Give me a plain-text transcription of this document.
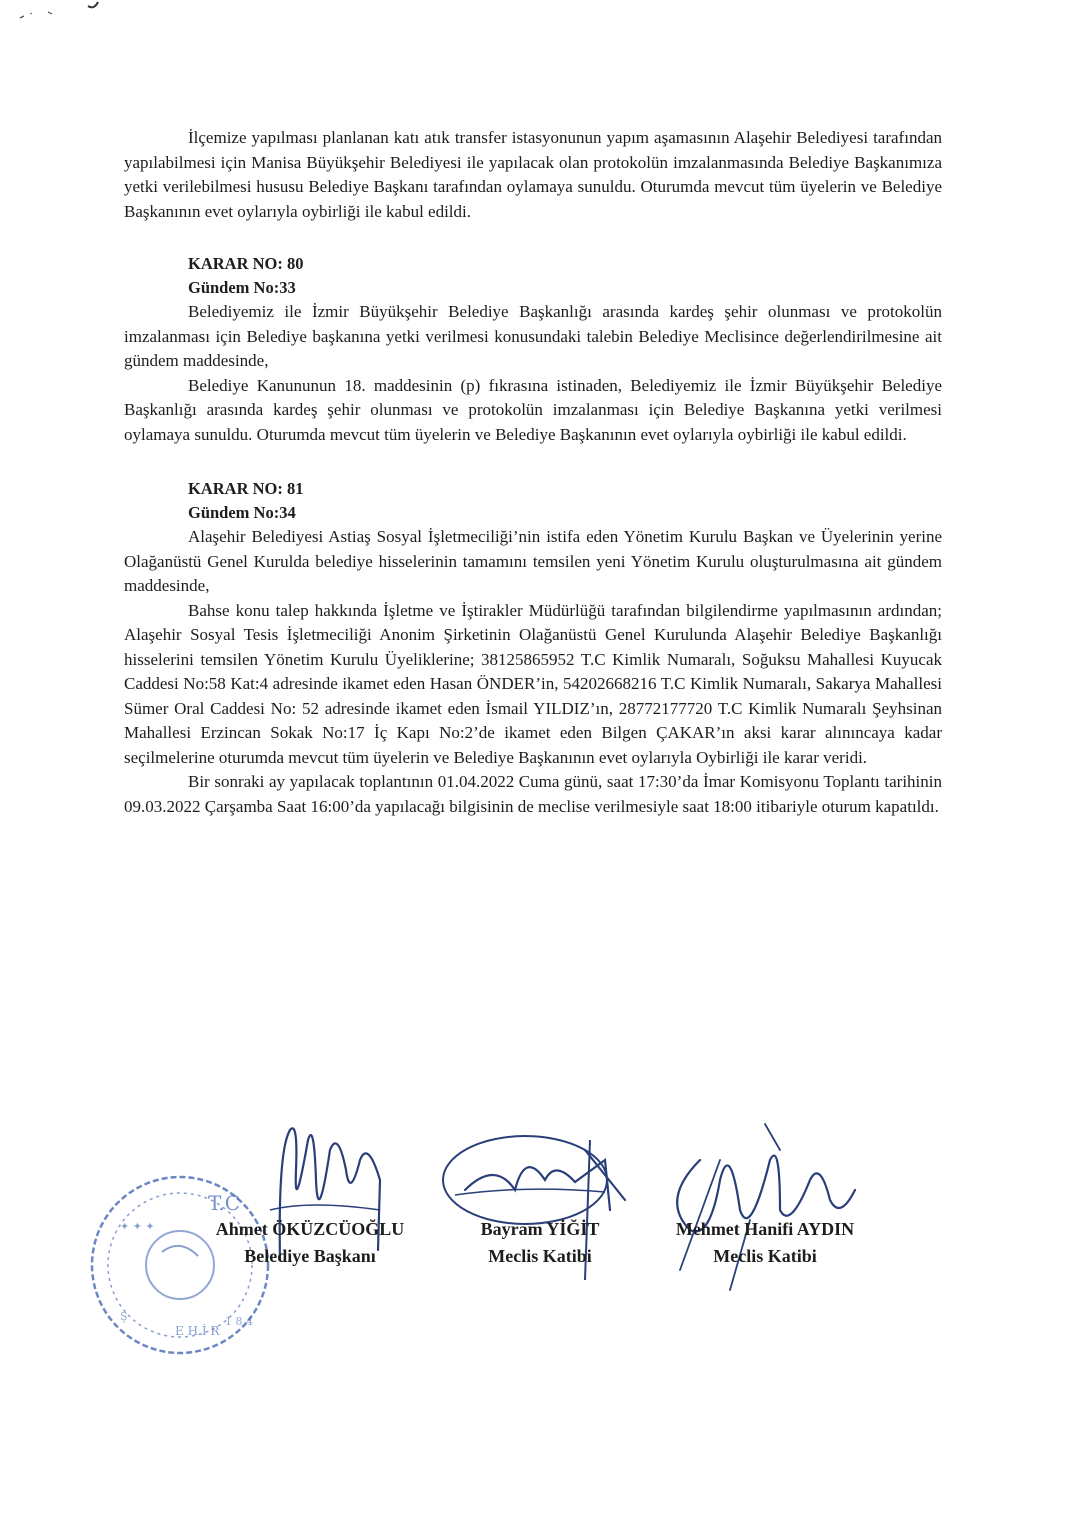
İlçemize yapılması planlanan katı atık transfer istasyonunun yapım aşamasının Alaşehir Belediyesi tarafından yapılabilmesi için Manisa Büyükşehir Belediyesi ile yapılacak olan protokolün imzalanmasında Belediye Başkanımıza yetki verilebilmesi hususu Belediye Başkanı tarafından oylamaya sunuldu. Oturumda mevcut tüm üyelerin ve Belediye Başkanının evet oylarıyla oybirliği ile kabul edildi.

KARAR NO: 80
Gündem No:33

Belediyemiz ile İzmir Büyükşehir Belediye Başkanlığı arasında kardeş şehir olunması ve protokolün imzalanması için Belediye başkanına yetki verilmesi konusundaki talebin Belediye Meclisince değerlendirilmesine ait gündem maddesinde,

Belediye Kanununun 18. maddesinin (p) fıkrasına istinaden, Belediyemiz ile İzmir Büyükşehir Belediye Başkanlığı arasında kardeş şehir olunması ve protokolün imzalanması için Belediye Başkanına yetki verilmesi oylamaya sunuldu. Oturumda mevcut tüm üyelerin ve Belediye Başkanının evet oylarıyla oybirliği ile kabul edildi.

KARAR NO: 81
Gündem No:34

Alaşehir Belediyesi Astiaş Sosyal İşletmeciliği’nin istifa eden Yönetim Kurulu Başkan ve Üyelerinin yerine Olağanüstü Genel Kurulda belediye hisselerinin tamamını temsilen yeni Yönetim Kurulu oluşturulmasına ait gündem maddesinde,

Bahse konu talep hakkında İşletme ve İştirakler Müdürlüğü tarafından bilgilendirme yapılmasının ardından; Alaşehir Sosyal Tesis İşletmeciliği Anonim Şirketinin Olağanüstü Genel Kurulunda Alaşehir Belediye Başkanlığı hisselerini temsilen Yönetim Kurulu Üyeliklerine; 38125865952 T.C Kimlik Numaralı, Soğuksu Mahallesi Kuyucak Caddesi No:58 Kat:4 adresinde ikamet eden Hasan ÖNDER’in, 54202668216 T.C Kimlik Numaralı, Sakarya Mahallesi Sümer Oral Caddesi No: 52 adresinde ikamet eden İsmail YILDIZ’ın, 28772177720 T.C Kimlik Numaralı Şeyhsinan Mahallesi Erzincan Sokak No:17 İç Kapı No:2’de ikamet eden Bilgen ÇAKAR’ın aksi karar alınıncaya kadar seçilmelerine oturumda mevcut tüm üyelerin ve Belediye Başkanının evet oylarıyla Oybirliği ile karar veridi.

Bir sonraki ay yapılacak toplantının 01.04.2022 Cuma günü, saat 17:30’da İmar Komisyonu Toplantı tarihinin 09.03.2022 Çarşamba Saat 16:00’da yapılacağı bilgisinin de meclise verilmesiyle saat 18:00 itibariyle oturum kapatıldı.

T.C
✦ ✦ ✦
E H İ R
Ş	1 8 4
Ahmet ÖKÜZCÜOĞLU
Belediye Başkanı
Bayram YİĞİT
Meclis Katibi
Mehmet Hanifi AYDIN
Meclis Katibi
